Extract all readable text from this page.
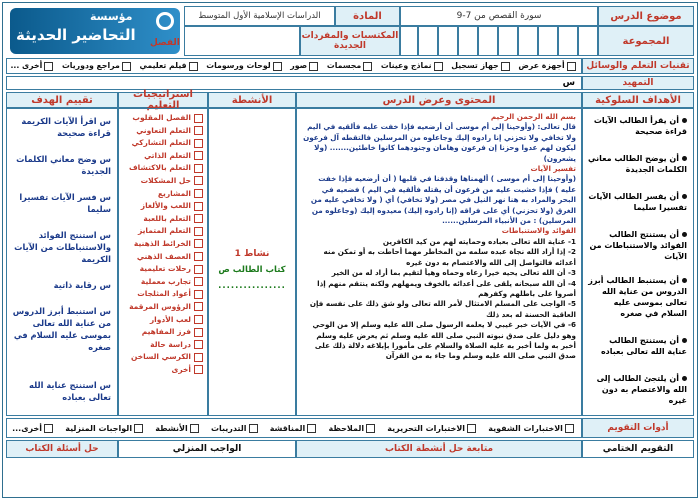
موضوع الدرس
سورة القصص من 7-9
المادة
الدراسات الإسلامية الأول المتوسط
المجموعة
المكتسبات والمفردات الجديدة
مؤسسة
التحاضير الحديثة الفصل
تقنيات التعلم والوسائل
أجهزة عرض
جهاز تسجيل
نماذج وعينات
مجسمات
صور
لوحات ورسومات
فيلم تعليمي
مراجع ودوريات
أخرى ...
التمهيد
س
الأهداف السلوكية
المحتوى وعرض الدرس
الأنشطة
استراتيجيات التعليم
تقييم الهدف
أن يقرأ الطالب الآيات قراءة صحيحة
أن يوضح الطالب معاني الكلمات الجديدة
أن يفسر الطالب الآيات تفسيرا سليما
أن يستنتج الطالب الفوائد والاستنباطات من الآيات
أن يستنبط الطالب أبرز الدروس من عناية الله تعالى بموسى عليه السلام في صغره
أن يستنتج الطالب عناية الله تعالى بعباده
أن يلتجئ الطالب إلى الله والاعتصام به دون غيره
بسم الله الرحمن الرحيم
قال تعالى: (وأوحينا إلى أم موسى أن أرضعيه فإذا خفت عليه فألقيه في اليم ولا تخافي ولا تحزني إنا رادوه إليك وجاعلوه من المرسلين فالتقطه آل فرعون ليكون لهم عدوا وحزنا إن فرعون وهامان وجنودهما كانوا خاطئين....... (ولا يشعرون)
تفسير الآيات
(وأوحينا إلى أم موسى ) ألهمناها وقذفنا في قلبها ( أن أرضعيه فإذا خفت عليه ) فإذا خشيت عليه من فرعون أن يقتله فألقيه في اليم ) فضعيه في البحر والمراد به هنا نهر النيل في مصر (ولا تخافي) أي ( ولا تخافي عليه من الغرق (ولا تحزني) أي على فراقه (إنا رادوه إليك) معيدوه إليك (وجاعلوه من المرسلين) : من الأنبياء المرسلين......
الفوائد والاستنباطات
1- عناية الله تعالى بعباده وحمايته لهم من كيد الكافرين
2- إذا أراد الله نجاة عبده سلمه من المخاطر مهما أحاطت به أو تمكن منه أعدائه فالتواصل إلى الله والاعتصام به دون غيره
3- أن الله تعالى يحيه خيرا رعاه وحماه وهيأ لتقيم بما أراد له من الخير
4- أن الله سبحانه يلقى على أعدائه بالخوف ويمهلهم ولكنه ينتقم منهم إذا أصروا على باطلهم وكفرهم
5- الواجب على المسلم الامتثال لأمر الله تعالى ولو شق ذلك على نفسه فإن العاقبة الحسنة له بعد ذلك
6- في الآيات خبر غيبي لا يعلمه الرسول صلى الله عليه وسلم إلا من الوحي وهو دليل على صدق نبوته النبي صلى الله عليه وسلم ثم يعرض عليه وسلم أخبر به ولما أخبر به عليه الصلاة والسلام على مأمورا بإبلاغه دلالة ذلك على صدق النبي صلى الله عليه وسلم وما جاء به من القرآن
نشاط 1
كتاب الطالب ص
................
الفصل المقلوب
التعلم التعاوني
التعلم التشاركي
التعلم الذاتي
التعلم بالاكتشاف
حل المشكلات
المشاريع
اللعب والألغاز
التعلم باللعبة
التعلم المتمايز
الخرائط الذهنية
العصف الذهني
رحلات تعليمية
تجارب معملية
أعواد المثلجات
الرؤوس المرقمة
لعب الأدوار
فرز المفاهيم
دراسة حالة
الكرسي الساخن
أخرى
س اقرأ الآيات الكريمة قراءة صحيحة
س وضح معاني الكلمات الجديدة
س فسر الآيات تفسيرا سليما
س استنتج الفوائد والاستنباطات من الآيات الكريمة
س رقابة ذاتية
س استنبط أبرز الدروس من عناية الله تعالى بموسى عليه السلام في صغره
س استنتج عناية الله تعالى بعباده
أدوات التقويم
الاختبارات الشفوية
الاختبارات التحريرية
الملاحظة
المناقشة
التدريبات
الأنشطة
الواجبات المنزلية
أخرى...
التقويم الختامي
متابعة حل أنشطة الكتاب
الواجب المنزلي
حل أسئلة الكتاب
